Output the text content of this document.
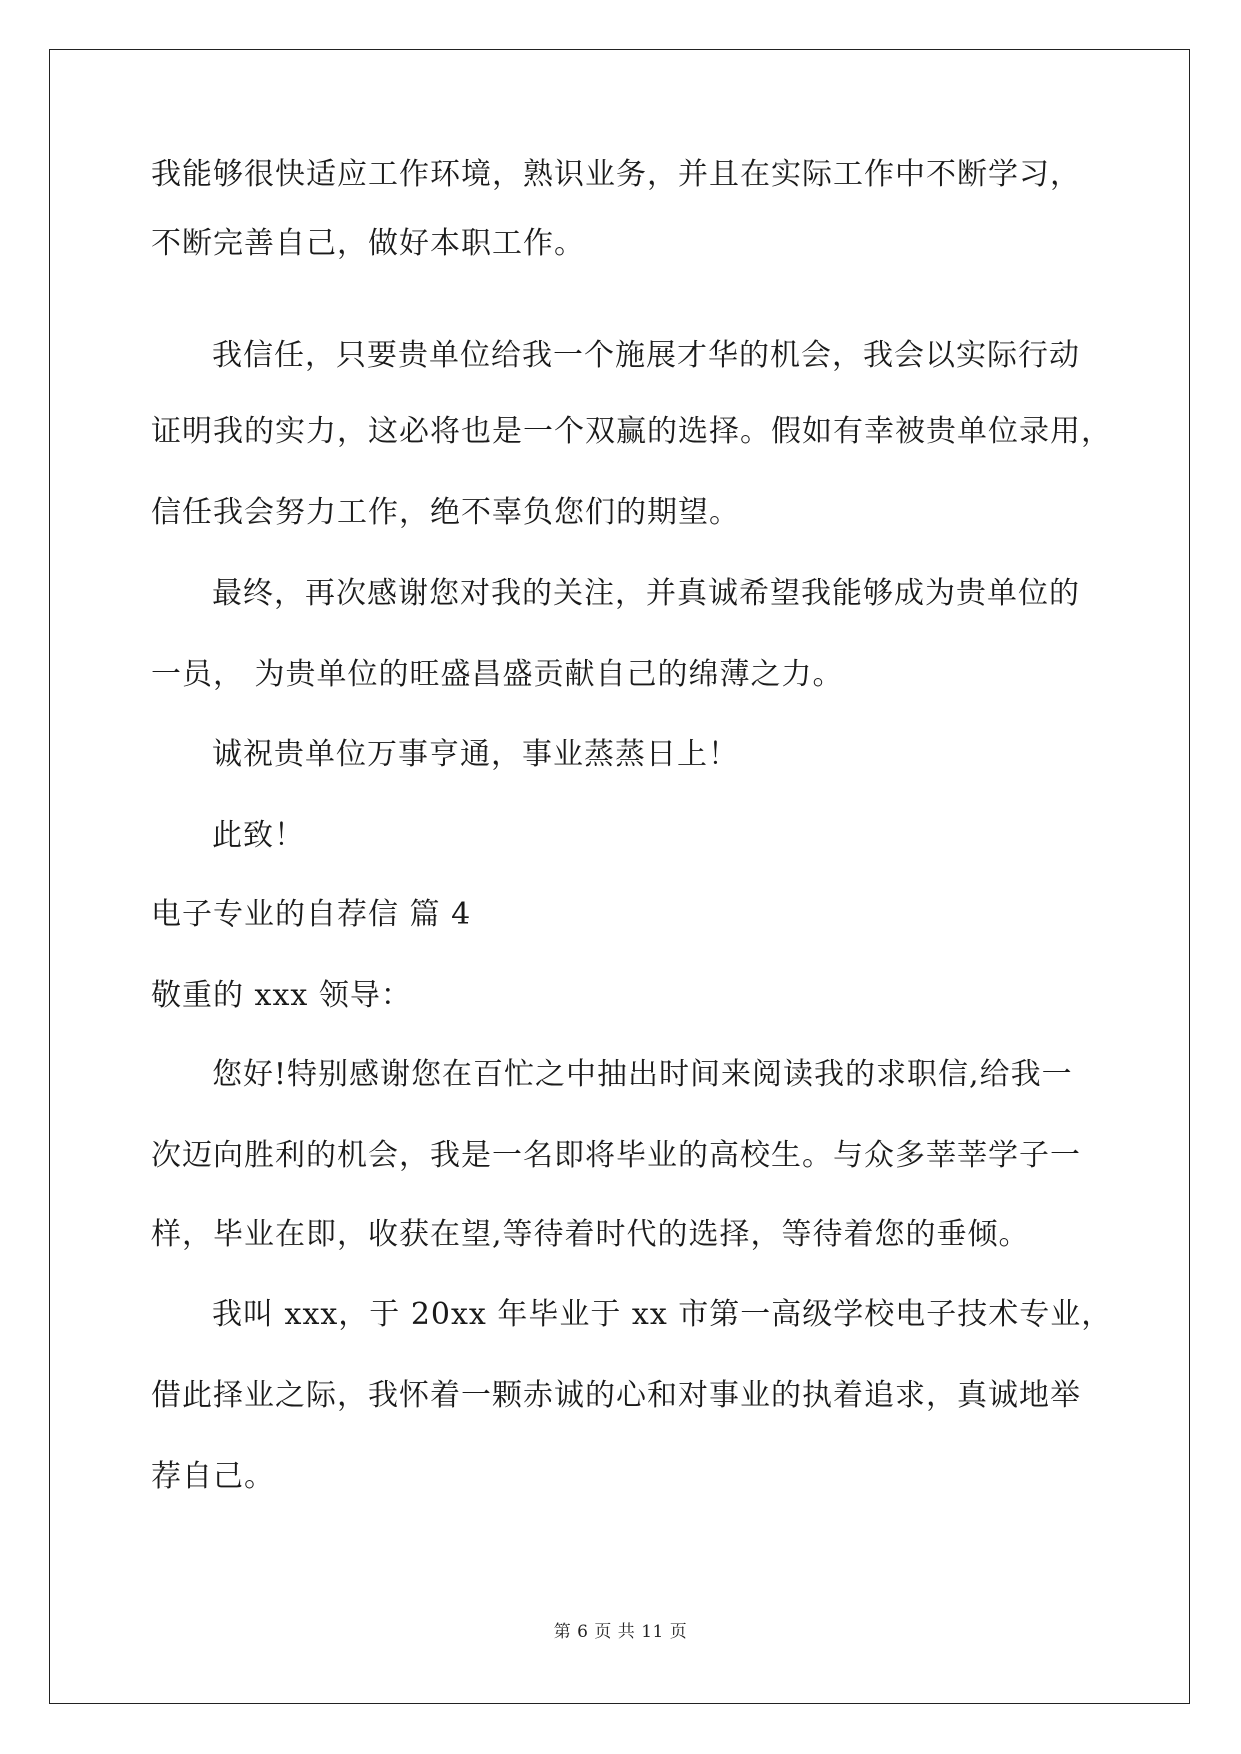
我能够很快适应工作环境，熟识业务，并且在实际工作中不断学习，
不断完善自己，做好本职工作。
我信任，只要贵单位给我一个施展才华的机会，我会以实际行动
证明我的实力，这必将也是一个双赢的选择。假如有幸被贵单位录用，
信任我会努力工作，绝不辜负您们的期望。
最终，再次感谢您对我的关注，并真诚希望我能够成为贵单位的
一员， 为贵单位的旺盛昌盛贡献自己的绵薄之力。
诚祝贵单位万事亨通，事业蒸蒸日上！
此致！
电子专业的自荐信 篇 4
敬重的 xxx 领导：
您好!特别感谢您在百忙之中抽出时间来阅读我的求职信,给我一
次迈向胜利的机会，我是一名即将毕业的高校生。与众多莘莘学子一
样，毕业在即，收获在望,等待着时代的选择，等待着您的垂倾。
我叫 xxx，于 20xx 年毕业于 xx 市第一高级学校电子技术专业，
借此择业之际，我怀着一颗赤诚的心和对事业的执着追求，真诚地举
荐自己。
第 6 页 共 11 页
